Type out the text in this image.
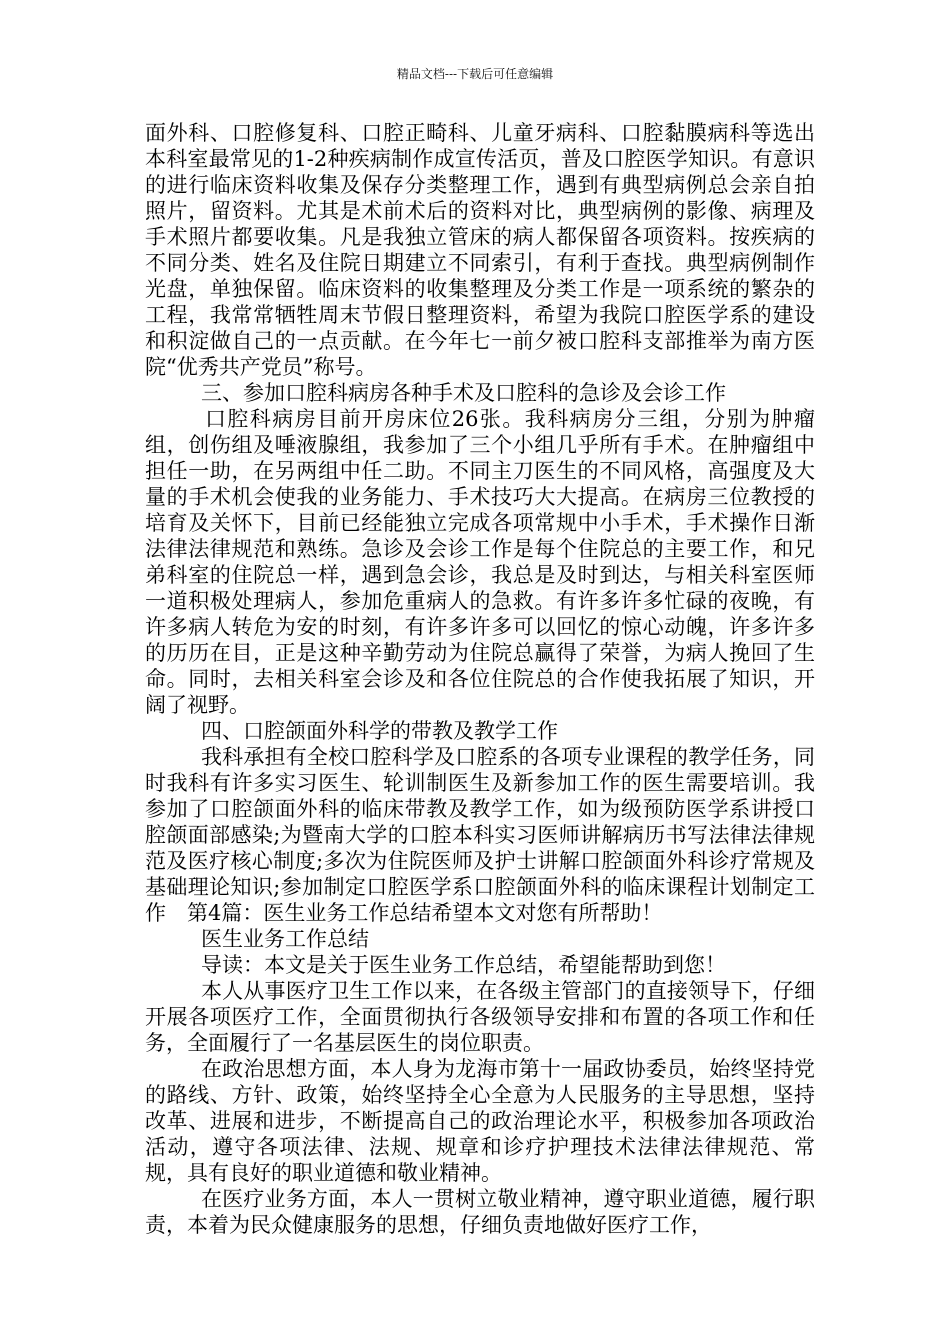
精品文档---下载后可任意编辑

面外科、口腔修复科、口腔正畸科、儿童牙病科、口腔黏膜病科等选出本科室最常见的1-2种疾病制作成宣传活页，普及口腔医学知识。有意识的进行临床资料收集及保存分类整理工作，遇到有典型病例总会亲自拍照片，留资料。尤其是术前术后的资料对比，典型病例的影像、病理及手术照片都要收集。凡是我独立管床的病人都保留各项资料。按疾病的不同分类、姓名及住院日期建立不同索引，有利于查找。典型病例制作光盘，单独保留。临床资料的收集整理及分类工作是一项系统的繁杂的工程，我常常牺牲周末节假日整理资料，希望为我院口腔医学系的建设和积淀做自己的一点贡献。在今年七一前夕被口腔科支部推举为南方医院“优秀共产党员”称号。

三、参加口腔科病房各种手术及口腔科的急诊及会诊工作

口腔科病房目前开房床位26张。我科病房分三组，分别为肿瘤组，创伤组及唾液腺组，我参加了三个小组几乎所有手术。在肿瘤组中担任一助，在另两组中任二助。不同主刀医生的不同风格，高强度及大量的手术机会使我的业务能力、手术技巧大大提高。在病房三位教授的培育及关怀下，目前已经能独立完成各项常规中小手术，手术操作日渐法律法律规范和熟练。急诊及会诊工作是每个住院总的主要工作，和兄弟科室的住院总一样，遇到急会诊，我总是及时到达，与相关科室医师一道积极处理病人，参加危重病人的急救。有许多许多忙碌的夜晚，有许多病人转危为安的时刻，有许多许多可以回忆的惊心动魄，许多许多的历历在目，正是这种辛勤劳动为住院总赢得了荣誉，为病人挽回了生命。同时，去相关科室会诊及和各位住院总的合作使我拓展了知识，开阔了视野。

四、口腔颌面外科学的带教及教学工作

我科承担有全校口腔科学及口腔系的各项专业课程的教学任务，同时我科有许多实习医生、轮训制医生及新参加工作的医生需要培训。我参加了口腔颌面外科的临床带教及教学工作，如为级预防医学系讲授口腔颌面部感染;为暨南大学的口腔本科实习医师讲解病历书写法律法律规范及医疗核心制度;多次为住院医师及护士讲解口腔颌面外科诊疗常规及基础理论知识;参加制定口腔医学系口腔颌面外科的临床课程计划制定工作　第4篇：医生业务工作总结希望本文对您有所帮助！

医生业务工作总结

导读：本文是关于医生业务工作总结，希望能帮助到您！

本人从事医疗卫生工作以来，在各级主管部门的直接领导下，仔细开展各项医疗工作，全面贯彻执行各级领导安排和布置的各项工作和任务，全面履行了一名基层医生的岗位职责。

在政治思想方面，本人身为龙海市第十一届政协委员，始终坚持党的路线、方针、政策，始终坚持全心全意为人民服务的主导思想，坚持改革、进展和进步，不断提高自己的政治理论水平，积极参加各项政治活动，遵守各项法律、法规、规章和诊疗护理技术法律法律规范、常规，具有良好的职业道德和敬业精神。

在医疗业务方面，本人一贯树立敬业精神，遵守职业道德，履行职责，本着为民众健康服务的思想，仔细负责地做好医疗工作，
